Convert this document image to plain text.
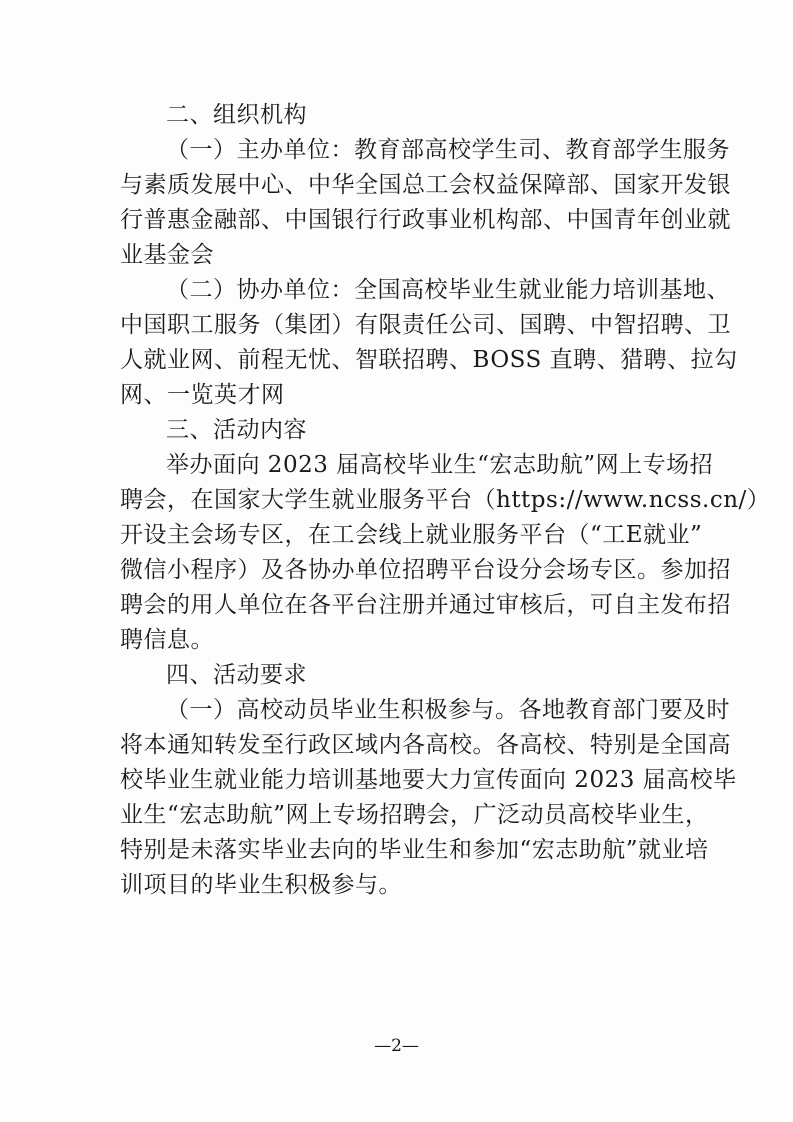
二、组织机构
（一）主办单位：教育部高校学生司、教育部学生服务
与素质发展中心、中华全国总工会权益保障部、国家开发银
行普惠金融部、中国银行行政事业机构部、中国青年创业就
业基金会
（二）协办单位：全国高校毕业生就业能力培训基地、
中国职工服务（集团）有限责任公司、国聘、中智招聘、卫
人就业网、前程无忧、智联招聘、BOSS 直聘、猎聘、拉勾
网、一览英才网
三、活动内容
举办面向 2023 届高校毕业生“宏志助航”网上专场招
聘会，在国家大学生就业服务平台（https://www.ncss.cn/）
开设主会场专区，在工会线上就业服务平台（“工E就业”
微信小程序）及各协办单位招聘平台设分会场专区。参加招
聘会的用人单位在各平台注册并通过审核后，可自主发布招
聘信息。
四、活动要求
（一）高校动员毕业生积极参与。各地教育部门要及时
将本通知转发至行政区域内各高校。各高校、特别是全国高
校毕业生就业能力培训基地要大力宣传面向 2023 届高校毕
业生“宏志助航”网上专场招聘会，广泛动员高校毕业生，
特别是未落实毕业去向的毕业生和参加“宏志助航”就业培
训项目的毕业生积极参与。
—2—
